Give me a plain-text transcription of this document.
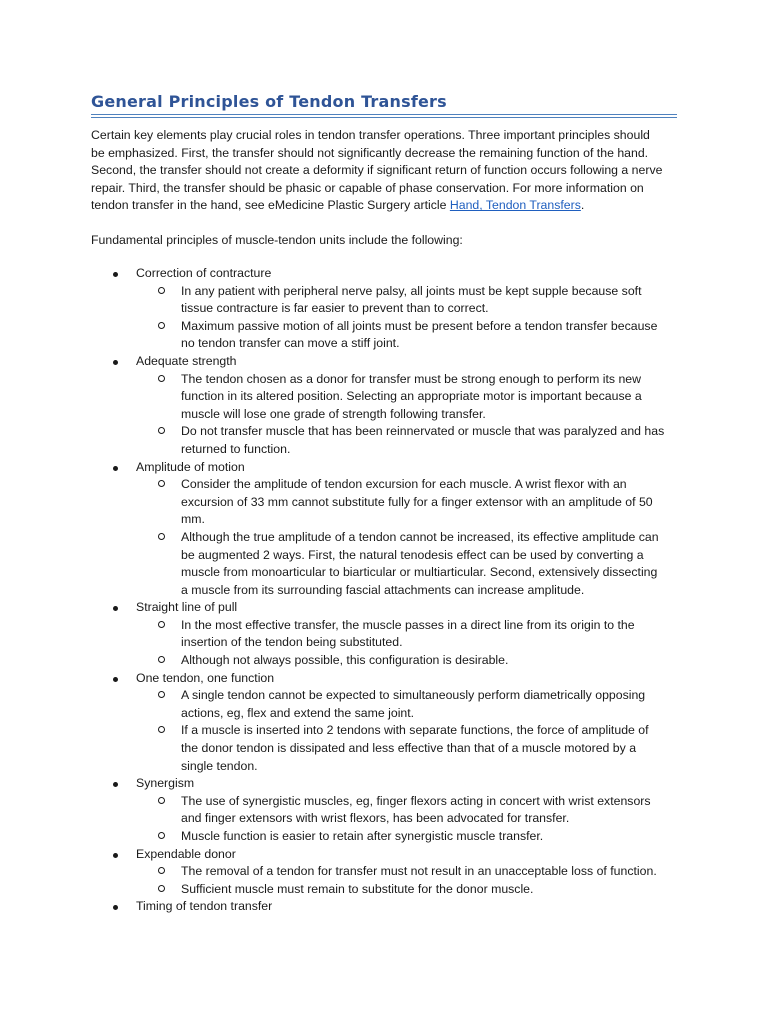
General Principles of Tendon Transfers
Certain key elements play crucial roles in tendon transfer operations. Three important principles should
be emphasized. First, the transfer should not significantly decrease the remaining function of the hand.
Second, the transfer should not create a deformity if significant return of function occurs following a nerve
repair. Third, the transfer should be phasic or capable of phase conservation. For more information on
tendon transfer in the hand, see eMedicine Plastic Surgery article Hand, Tendon Transfers.
Fundamental principles of muscle-tendon units include the following:
Correction of contracture
In any patient with peripheral nerve palsy, all joints must be kept supple because soft
tissue contracture is far easier to prevent than to correct.
Maximum passive motion of all joints must be present before a tendon transfer because
no tendon transfer can move a stiff joint.
Adequate strength
The tendon chosen as a donor for transfer must be strong enough to perform its new
function in its altered position. Selecting an appropriate motor is important because a
muscle will lose one grade of strength following transfer.
Do not transfer muscle that has been reinnervated or muscle that was paralyzed and has
returned to function.
Amplitude of motion
Consider the amplitude of tendon excursion for each muscle. A wrist flexor with an
excursion of 33 mm cannot substitute fully for a finger extensor with an amplitude of 50
mm.
Although the true amplitude of a tendon cannot be increased, its effective amplitude can
be augmented 2 ways. First, the natural tenodesis effect can be used by converting a
muscle from monoarticular to biarticular or multiarticular. Second, extensively dissecting
a muscle from its surrounding fascial attachments can increase amplitude.
Straight line of pull
In the most effective transfer, the muscle passes in a direct line from its origin to the
insertion of the tendon being substituted.
Although not always possible, this configuration is desirable.
One tendon, one function
A single tendon cannot be expected to simultaneously perform diametrically opposing
actions, eg, flex and extend the same joint.
If a muscle is inserted into 2 tendons with separate functions, the force of amplitude of
the donor tendon is dissipated and less effective than that of a muscle motored by a
single tendon.
Synergism
The use of synergistic muscles, eg, finger flexors acting in concert with wrist extensors
and finger extensors with wrist flexors, has been advocated for transfer.
Muscle function is easier to retain after synergistic muscle transfer.
Expendable donor
The removal of a tendon for transfer must not result in an unacceptable loss of function.
Sufficient muscle must remain to substitute for the donor muscle.
Timing of tendon transfer
